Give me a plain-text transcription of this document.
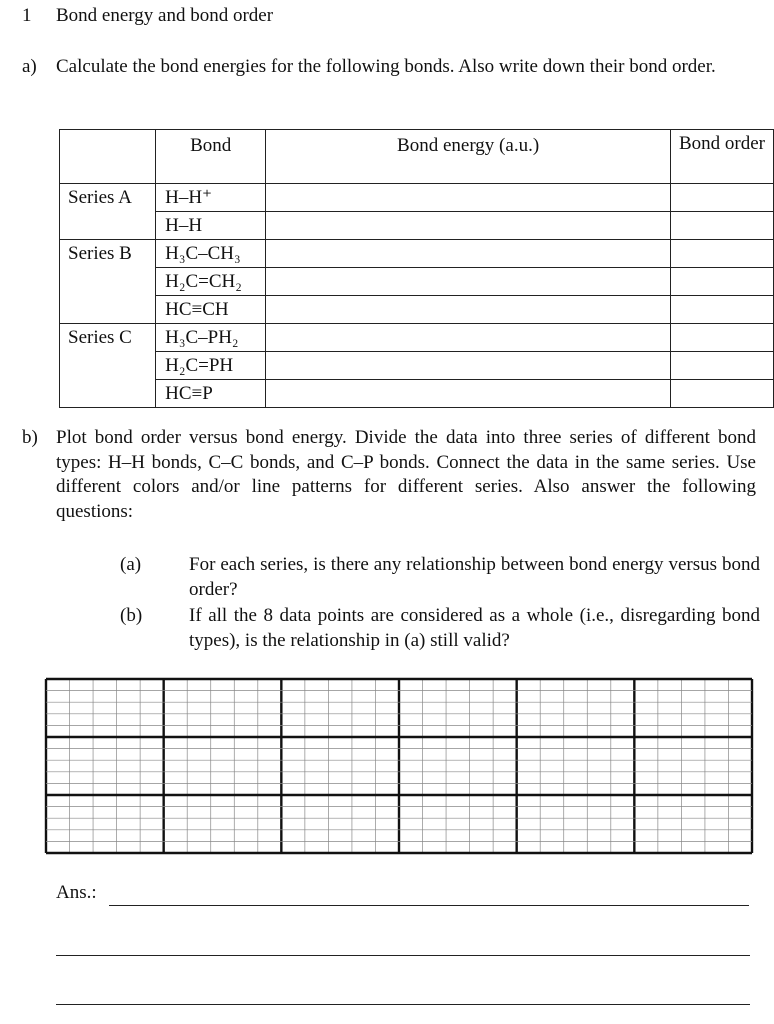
1 Bond energy and bond order
a) Calculate the bond energies for the following bonds. Also write down their bond order.
	Bond	Bond energy (a.u.)	Bond order
Series A	H–H⁺		
	H–H		
Series B	H₃C–CH₃		
	H₂C=CH₂		
	HC≡CH		
Series C	H₃C–PH₂		
	H₂C=PH		
	HC≡P		
b) Plot bond order versus bond energy. Divide the data into three series of different bond types: H–H bonds, C–C bonds, and C–P bonds. Connect the data in the same series. Use different colors and/or line patterns for different series. Also answer the following questions:
(a)	For each series, is there any relationship between bond energy versus bond order?
(b) If all the 8 data points are considered as a whole (i.e., disregarding bond types), is the relationship in (a) still valid?
Ans.:
